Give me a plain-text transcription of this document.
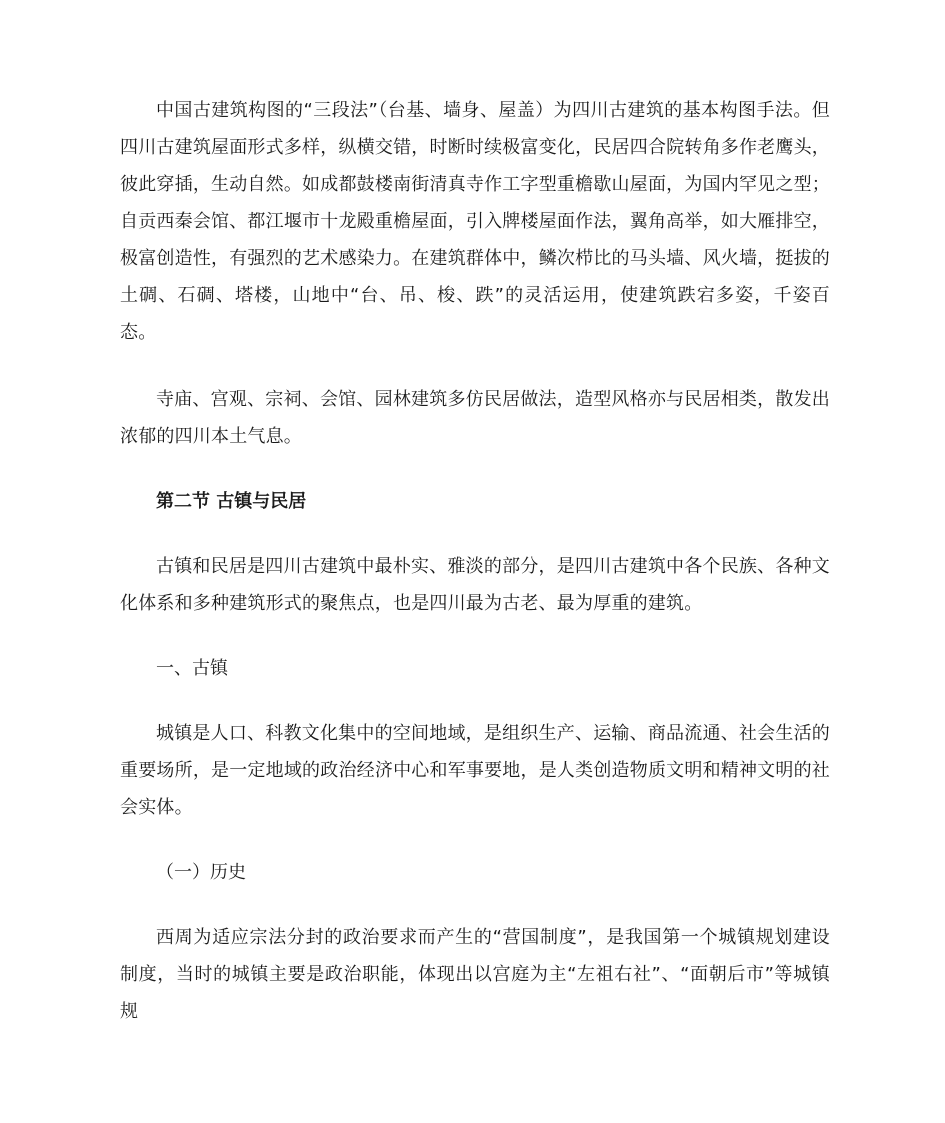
中国古建筑构图的“三段法”（台基、墙身、屋盖）为四川古建筑的基本构图手法。但四川古建筑屋面形式多样，纵横交错，时断时续极富变化，民居四合院转角多作老鹰头，彼此穿插，生动自然。如成都鼓楼南街清真寺作工字型重檐歇山屋面，为国内罕见之型；自贡西秦会馆、都江堰市十龙殿重檐屋面，引入牌楼屋面作法，翼角高举，如大雁排空，极富创造性，有强烈的艺术感染力。在建筑群体中，鳞次栉比的马头墙、风火墙，挺拔的土碉、石碉、塔楼，山地中“台、吊、梭、跌”的灵活运用，使建筑跌宕多姿，千姿百态。

寺庙、宫观、宗祠、会馆、园林建筑多仿民居做法，造型风格亦与民居相类，散发出浓郁的四川本土气息。

第二节 古镇与民居

古镇和民居是四川古建筑中最朴实、雅淡的部分，是四川古建筑中各个民族、各种文化体系和多种建筑形式的聚焦点，也是四川最为古老、最为厚重的建筑。

一、古镇

城镇是人口、科教文化集中的空间地域，是组织生产、运输、商品流通、社会生活的重要场所，是一定地域的政治经济中心和军事要地，是人类创造物质文明和精神文明的社会实体。

（一）历史

西周为适应宗法分封的政治要求而产生的“营国制度”，是我国第一个城镇规划建设制度，当时的城镇主要是政治职能，体现出以宫庭为主“左祖右社”、“面朝后市”等城镇规
